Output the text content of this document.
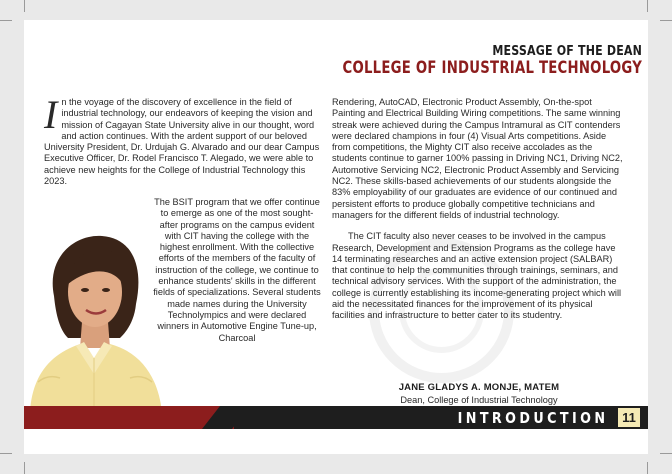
MESSAGE OF THE DEAN
COLLEGE OF INDUSTRIAL TECHNOLOGY
I n the voyage of the discovery of excellence in the field of industrial technology, our endeavors of keeping the vision and mission of Cagayan State University alive in our thought, word and action continues. With the ardent support of our beloved University President, Dr. Urdujah G. Alvarado and our dear Campus Executive Officer, Dr. Rodel Francisco T. Alegado, we were able to achieve new heights for the College of Industrial Technology this 2023.
The BSIT program that we offer continue to emerge as one of the most sought-after programs on the campus evident with CIT having the college with the highest enrollment. With the collective efforts of the members of the faculty of instruction of the college, we continue to enhance students' skills in the different fields of specializations. Several students made names during the University Technolympics and were declared winners in Automotive Engine Tune-up, Charcoal

Rendering, AutoCAD, Electronic Product Assembly, On-the-spot Painting and Electrical Building Wiring competitions. The same winning streak were achieved during the Campus Intramural as CIT contenders were declared champions in four (4) Visual Arts competitions. Aside from competitions, the Mighty CIT also receive accolades as the students continue to garner 100% passing in Driving NC1, Driving NC2, Automotive Servicing NC2, Electronic Product Assembly and Servicing NC2. These skills-based achievements of our students alongside the 83% employability of our graduates are evidence of our continued and persistent efforts to produce globally competitive technicians and managers for the different fields of industrial technology.

The CIT faculty also never ceases to be involved in the campus Research, Development and Extension Programs as the college have 14 terminating researches and an active extension project (SALBAR) that continue to help the communities through trainings, seminars, and technical advisory services. With the support of the administration, the college is currently establishing its income-generating project which will aid the necessitated finances for the improvement of its physical facilities and infrastructure to better cater to its studentry.

JANE GLADYS A. MONJE, MATEM
Dean, College of Industrial Technology
INTRODUCTION	11
